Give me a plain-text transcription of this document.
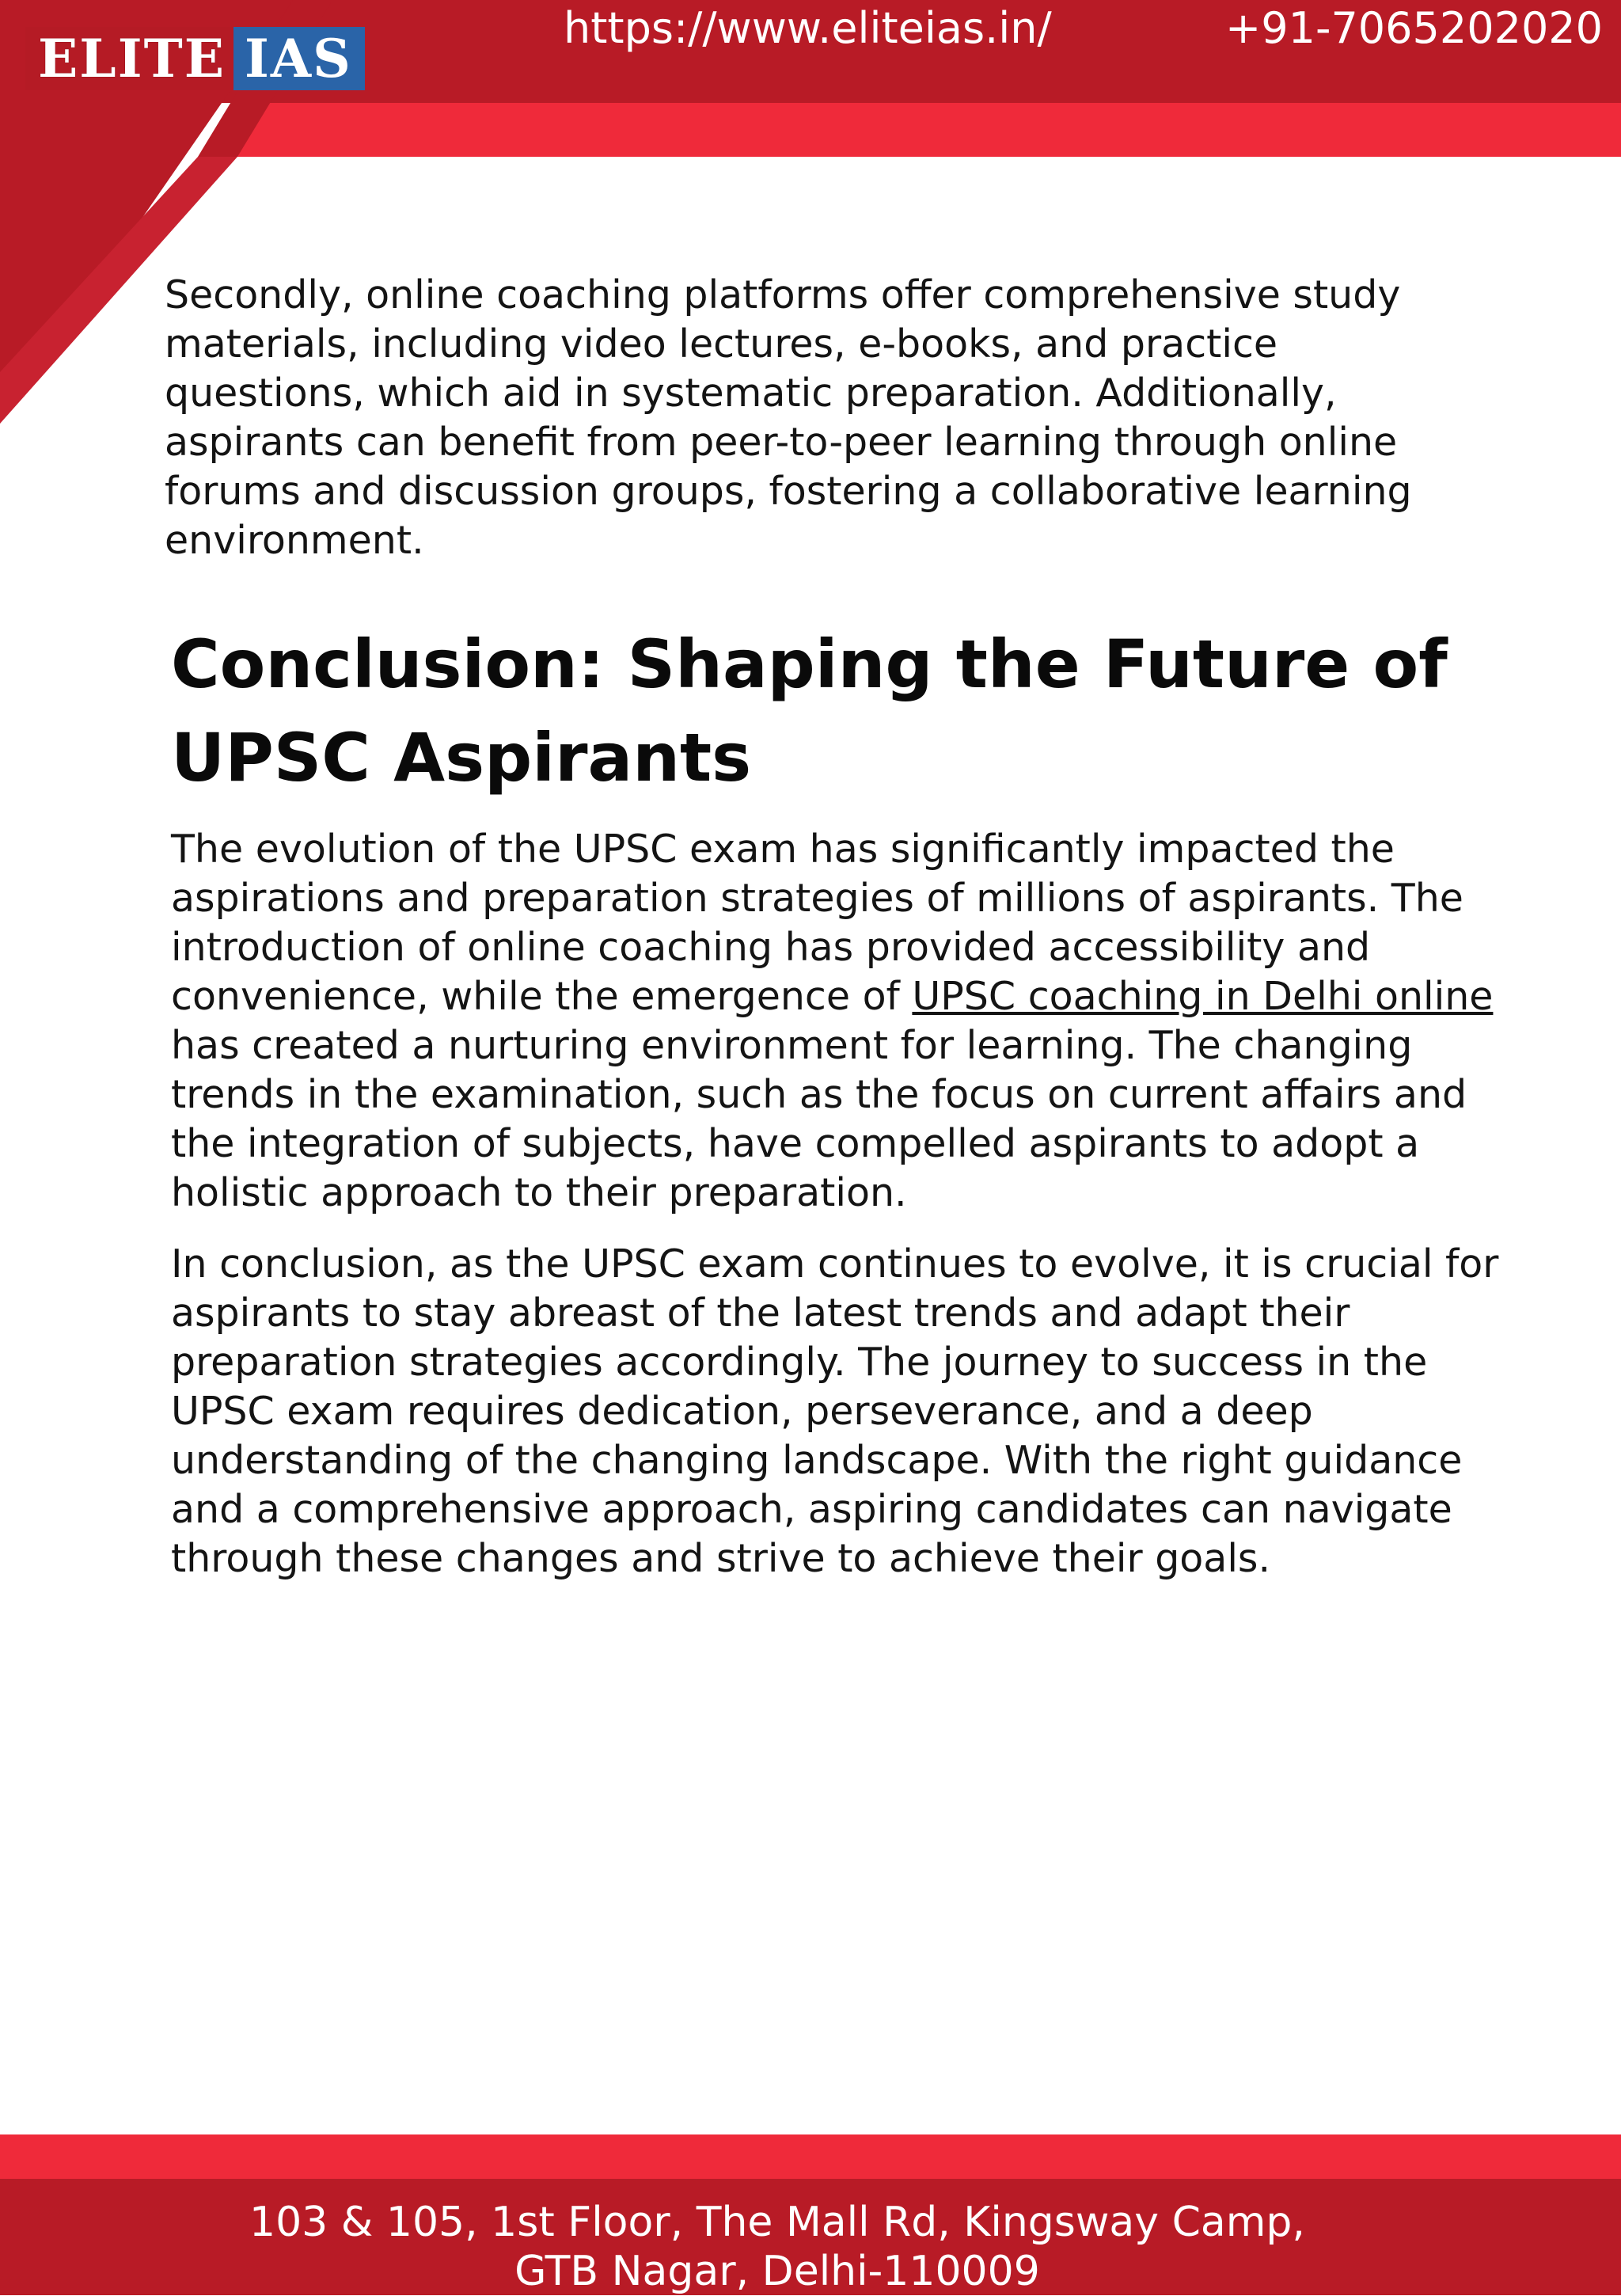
ELITE IAS	https://www.eliteias.in/	+91-7065202020

Secondly, online coaching platforms offer comprehensive study materials, including video lectures, e-books, and practice questions, which aid in systematic preparation. Additionally, aspirants can benefit from peer-to-peer learning through online forums and discussion groups, fostering a collaborative learning environment.

Conclusion: Shaping the Future of UPSC Aspirants

The evolution of the UPSC exam has significantly impacted the aspirations and preparation strategies of millions of aspirants. The introduction of online coaching has provided accessibility and convenience, while the emergence of UPSC coaching in Delhi online has created a nurturing environment for learning. The changing trends in the examination, such as the focus on current affairs and the integration of subjects, have compelled aspirants to adopt a holistic approach to their preparation.

In conclusion, as the UPSC exam continues to evolve, it is crucial for aspirants to stay abreast of the latest trends and adapt their preparation strategies accordingly. The journey to success in the UPSC exam requires dedication, perseverance, and a deep understanding of the changing landscape. With the right guidance and a comprehensive approach, aspiring candidates can navigate through these changes and strive to achieve their goals.

103 & 105, 1st Floor, The Mall Rd, Kingsway Camp,
GTB Nagar, Delhi-110009
